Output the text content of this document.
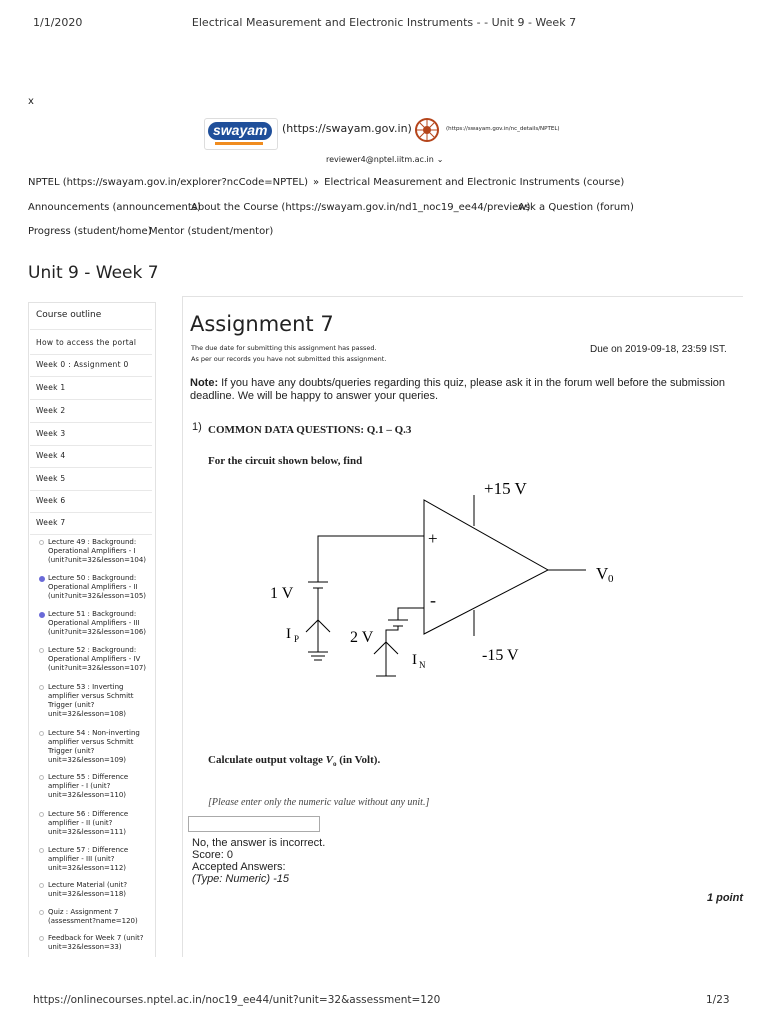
1/1/2020	Electrical Measurement and Electronic Instruments - - Unit 9 - Week 7
x
swayam (https://swayam.gov.in)	(https://swayam.gov.in/nc_details/NPTEL)
reviewer4@nptel.iitm.ac.in ⌄
NPTEL (https://swayam.gov.in/explorer?ncCode=NPTEL) » Electrical Measurement and Electronic Instruments (course)
Announcements (announcements)
About the Course (https://swayam.gov.in/nd1_noc19_ee44/preview)
Ask a Question (forum)
Progress (student/home)
Mentor (student/mentor)
Unit 9 - Week 7
Course outline
How to access the portal
Week 0 : Assignment 0
Week 1
Week 2
Week 3
Week 4
Week 5
Week 6
Week 7
Lecture 49 : Background:
Operational Amplifiers - I
(unit?unit=32&lesson=104)
Lecture 50 : Background:
Operational Amplifiers - II
(unit?unit=32&lesson=105)
Lecture 51 : Background:
Operational Amplifiers - III
(unit?unit=32&lesson=106)
Lecture 52 : Background:
Operational Amplifiers - IV
(unit?unit=32&lesson=107)
Lecture 53 : Inverting
amplifier versus Schmitt
Trigger (unit?
unit=32&lesson=108)
Lecture 54 : Non-inverting
amplifier versus Schmitt
Trigger (unit?
unit=32&lesson=109)
Lecture 55 : Difference
amplifier - I (unit?
unit=32&lesson=110)
Lecture 56 : Difference
amplifier - II (unit?
unit=32&lesson=111)
Lecture 57 : Difference
amplifier - III (unit?
unit=32&lesson=112)
Lecture Material (unit?
unit=32&lesson=118)
Quiz : Assignment 7
(assessment?name=120)
Feedback for Week 7 (unit?
unit=32&lesson=33)
Assignment 7
The due date for submitting this assignment has passed.
As per our records you have not submitted this assignment.
Due on 2019-09-18, 23:59 IST.
Note: If you have any doubts/queries regarding this quiz, please ask it in the forum well before the submission deadline. We will be happy to answer your queries.
1) COMMON DATA QUESTIONS: Q.1 – Q.3
For the circuit shown below, find
+15 V
-15 V
+
-
V 0
1 V
2 V
I P
I N
Calculate output voltage $V_o$ (in Volt).
[Please enter only the numeric value without any unit.]
No, the answer is incorrect.
Score: 0
Accepted Answers:
(Type: Numeric) -15
1 point
https://onlinecourses.nptel.ac.in/noc19_ee44/unit?unit=32&assessment=120	1/23
